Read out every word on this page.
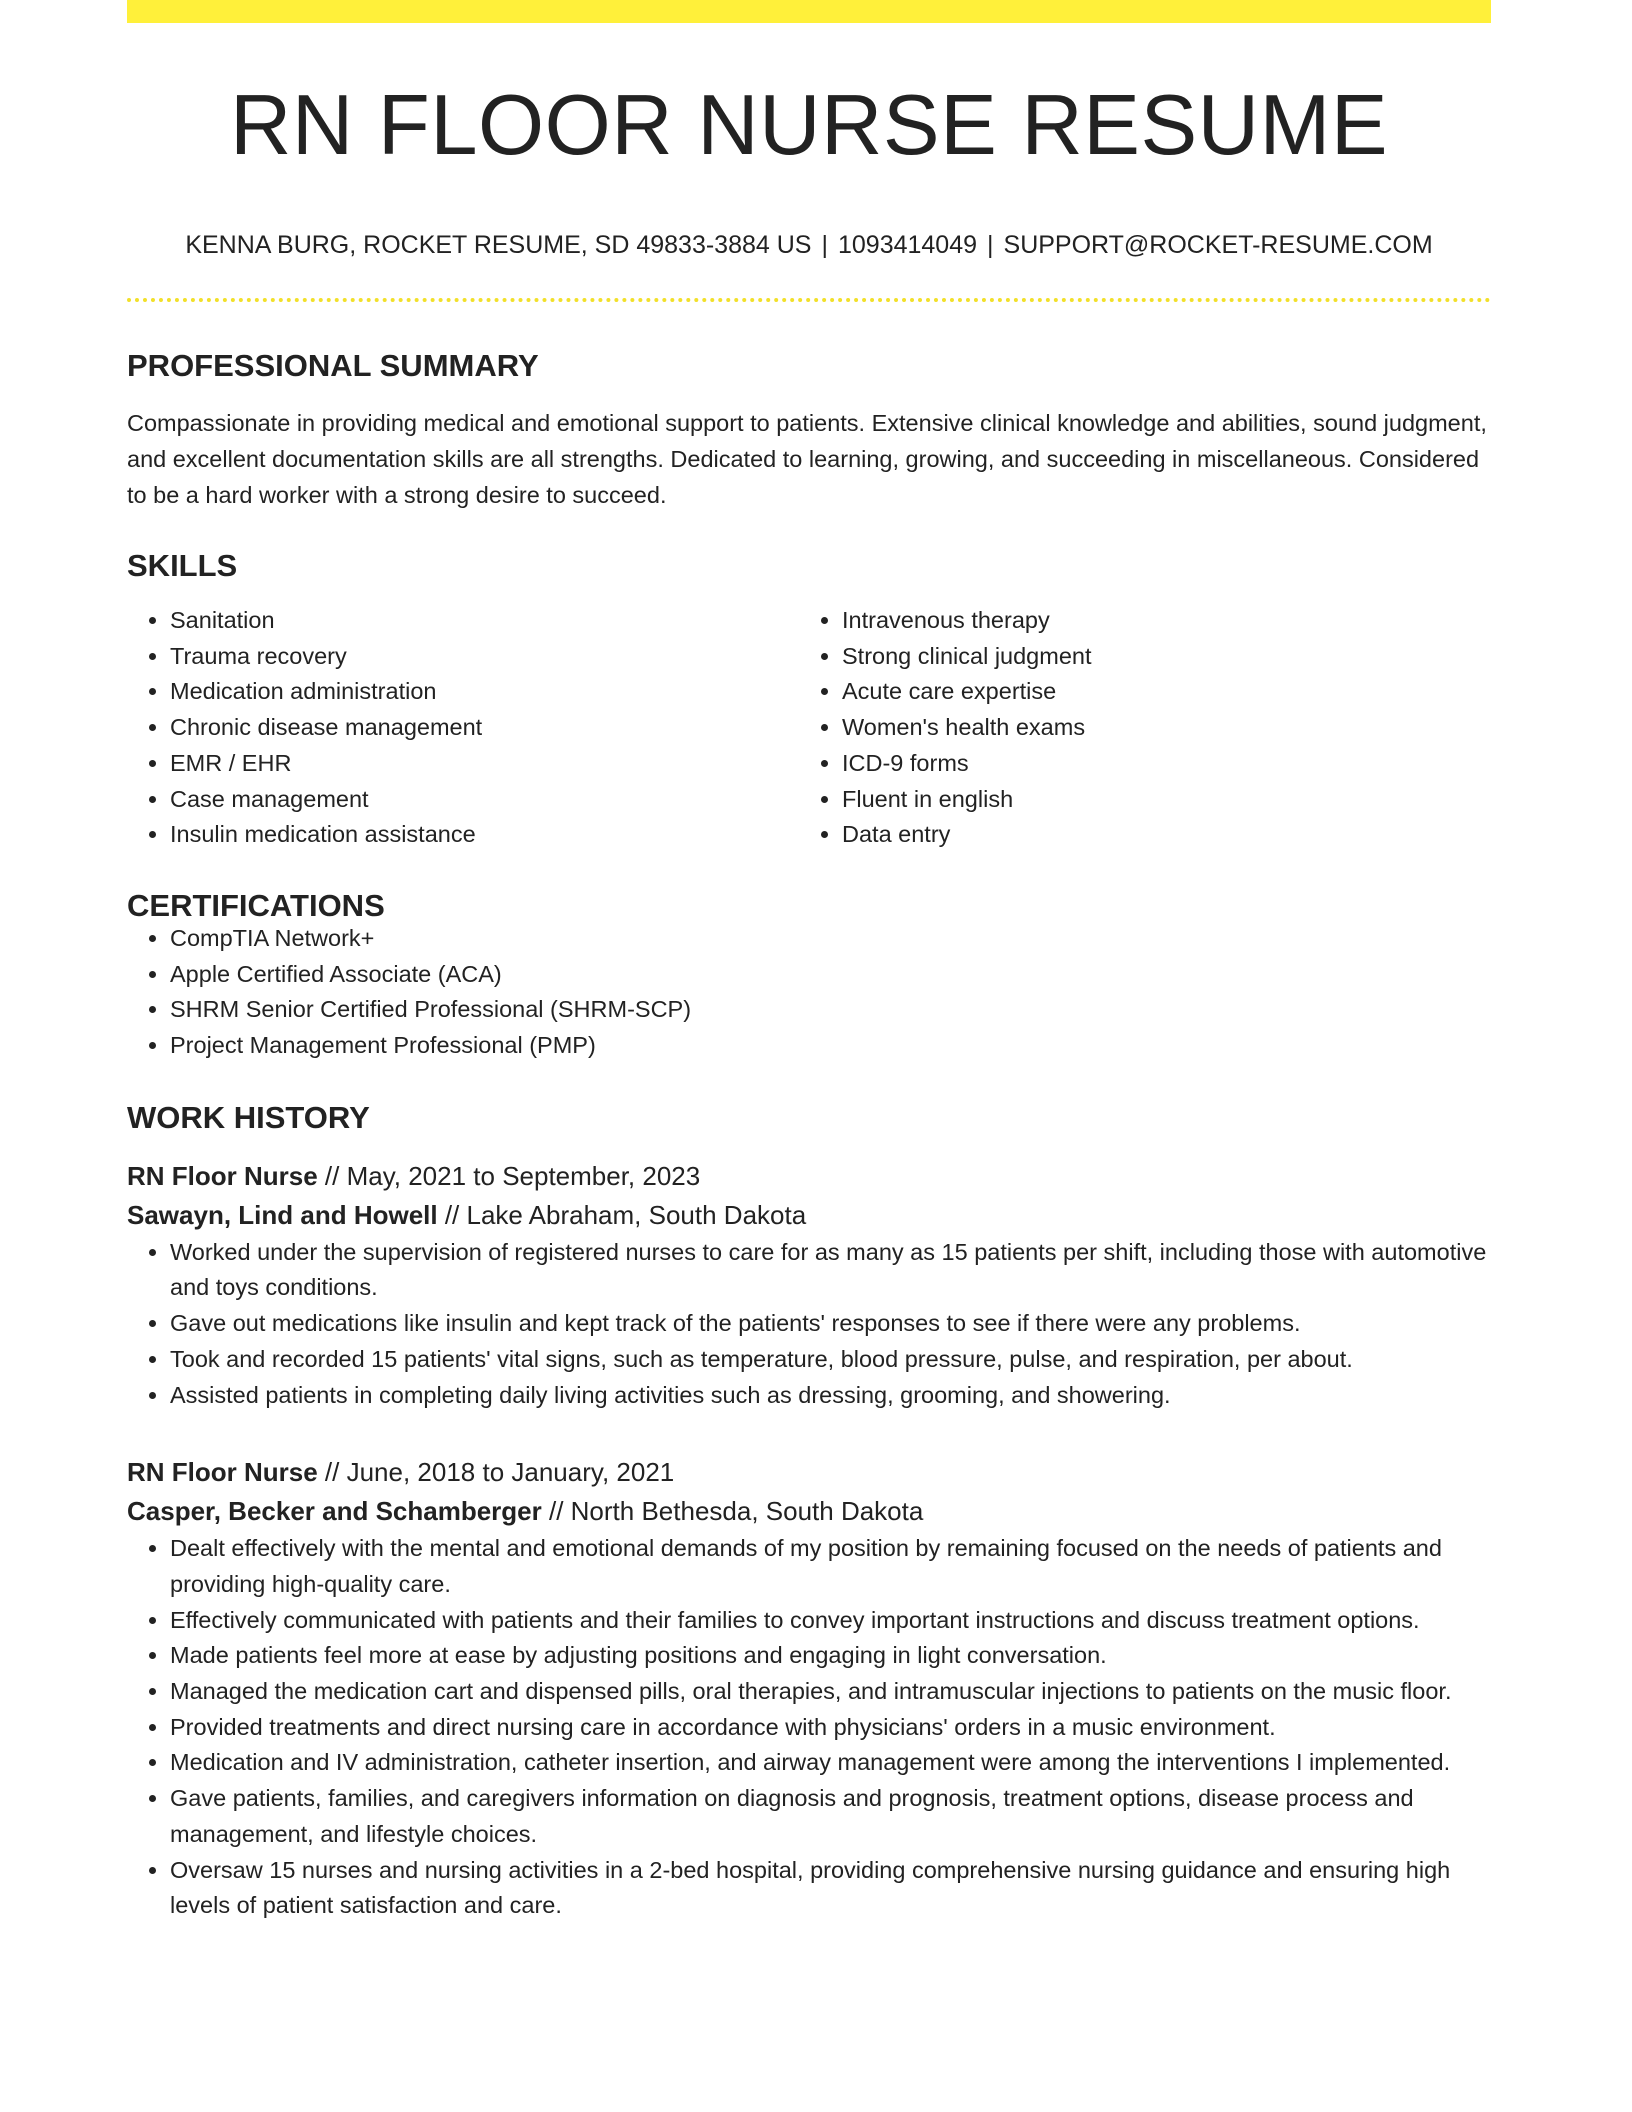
RN FLOOR NURSE RESUME
KENNA BURG, ROCKET RESUME, SD 49833-3884 US | 1093414049 | SUPPORT@ROCKET-RESUME.COM
PROFESSIONAL SUMMARY

Compassionate in providing medical and emotional support to patients. Extensive clinical knowledge and abilities, sound judgment, and excellent documentation skills are all strengths. Dedicated to learning, growing, and succeeding in miscellaneous. Considered to be a hard worker with a strong desire to succeed.

SKILLS
• Sanitation
• Trauma recovery
• Medication administration
• Chronic disease management
• EMR / EHR
• Case management
• Insulin medication assistance
• Intravenous therapy
• Strong clinical judgment
• Acute care expertise
• Women's health exams
• ICD-9 forms
• Fluent in english
• Data entry
CERTIFICATIONS
• CompTIA Network+
• Apple Certified Associate (ACA)
• SHRM Senior Certified Professional (SHRM-SCP)
• Project Management Professional (PMP)
WORK HISTORY
RN Floor Nurse // May, 2021 to September, 2023
Sawayn, Lind and Howell // Lake Abraham, South Dakota
• Worked under the supervision of registered nurses to care for as many as 15 patients per shift, including those with automotive and toys conditions.
• Gave out medications like insulin and kept track of the patients' responses to see if there were any problems.
• Took and recorded 15 patients' vital signs, such as temperature, blood pressure, pulse, and respiration, per about.
• Assisted patients in completing daily living activities such as dressing, grooming, and showering.
RN Floor Nurse // June, 2018 to January, 2021
Casper, Becker and Schamberger // North Bethesda, South Dakota
• Dealt effectively with the mental and emotional demands of my position by remaining focused on the needs of patients and providing high-quality care.
• Effectively communicated with patients and their families to convey important instructions and discuss treatment options.
• Made patients feel more at ease by adjusting positions and engaging in light conversation.
• Managed the medication cart and dispensed pills, oral therapies, and intramuscular injections to patients on the music floor.
• Provided treatments and direct nursing care in accordance with physicians' orders in a music environment.
• Medication and IV administration, catheter insertion, and airway management were among the interventions I implemented.
• Gave patients, families, and caregivers information on diagnosis and prognosis, treatment options, disease process and management, and lifestyle choices.
• Oversaw 15 nurses and nursing activities in a 2-bed hospital, providing comprehensive nursing guidance and ensuring high levels of patient satisfaction and care.
